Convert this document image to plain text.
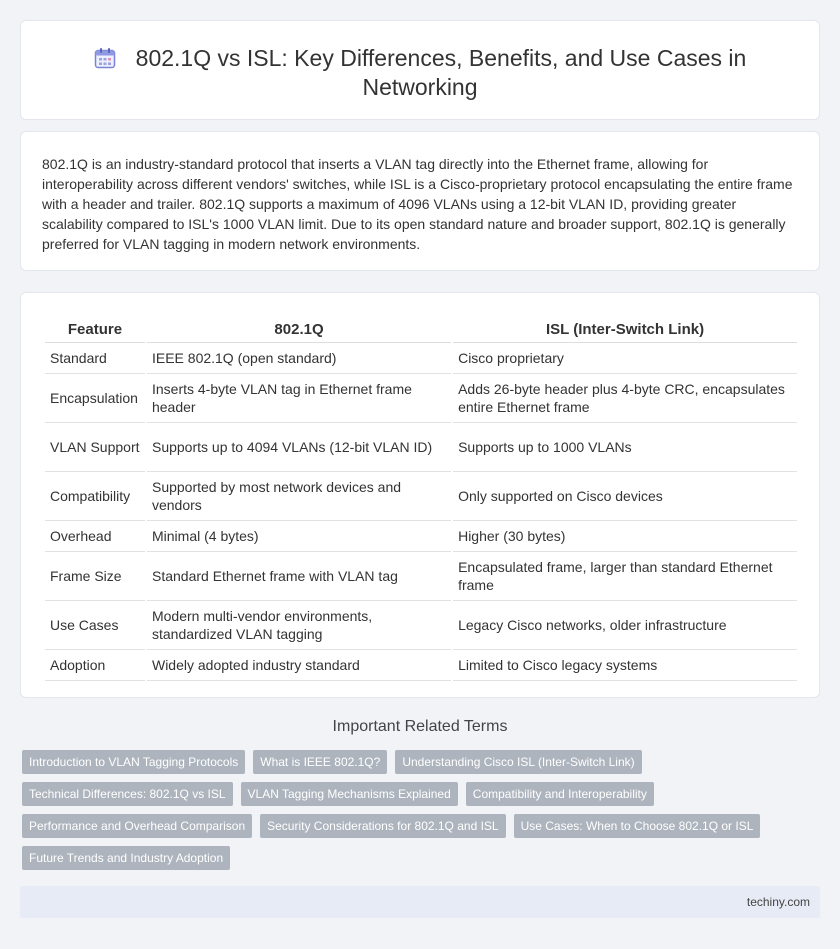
802.1Q vs ISL: Key Differences, Benefits, and Use Cases in Networking

802.1Q is an industry-standard protocol that inserts a VLAN tag directly into the Ethernet frame, allowing for interoperability across different vendors' switches, while ISL is a Cisco-proprietary protocol encapsulating the entire frame with a header and trailer. 802.1Q supports a maximum of 4096 VLANs using a 12-bit VLAN ID, providing greater scalability compared to ISL's 1000 VLAN limit. Due to its open standard nature and broader support, 802.1Q is generally preferred for VLAN tagging in modern network environments.

Feature	802.1Q	ISL (Inter-Switch Link)
Standard	IEEE 802.1Q (open standard)	Cisco proprietary
Encapsulation	Inserts 4-byte VLAN tag in Ethernet frame header	Adds 26-byte header plus 4-byte CRC, encapsulates entire Ethernet frame
VLAN Support	Supports up to 4094 VLANs (12-bit VLAN ID)	Supports up to 1000 VLANs
Compatibility	Supported by most network devices and vendors	Only supported on Cisco devices
Overhead	Minimal (4 bytes)	Higher (30 bytes)
Frame Size	Standard Ethernet frame with VLAN tag	Encapsulated frame, larger than standard Ethernet frame
Use Cases	Modern multi-vendor environments, standardized VLAN tagging	Legacy Cisco networks, older infrastructure
Adoption	Widely adopted industry standard	Limited to Cisco legacy systems
Important Related Terms
Introduction to VLAN Tagging Protocols	What is IEEE 802.1Q?	Understanding Cisco ISL (Inter-Switch Link)
Technical Differences: 802.1Q vs ISL	VLAN Tagging Mechanisms Explained	Compatibility and Interoperability
Performance and Overhead Comparison	Security Considerations for 802.1Q and ISL	Use Cases: When to Choose 802.1Q or ISL
Future Trends and Industry Adoption
techiny.com
